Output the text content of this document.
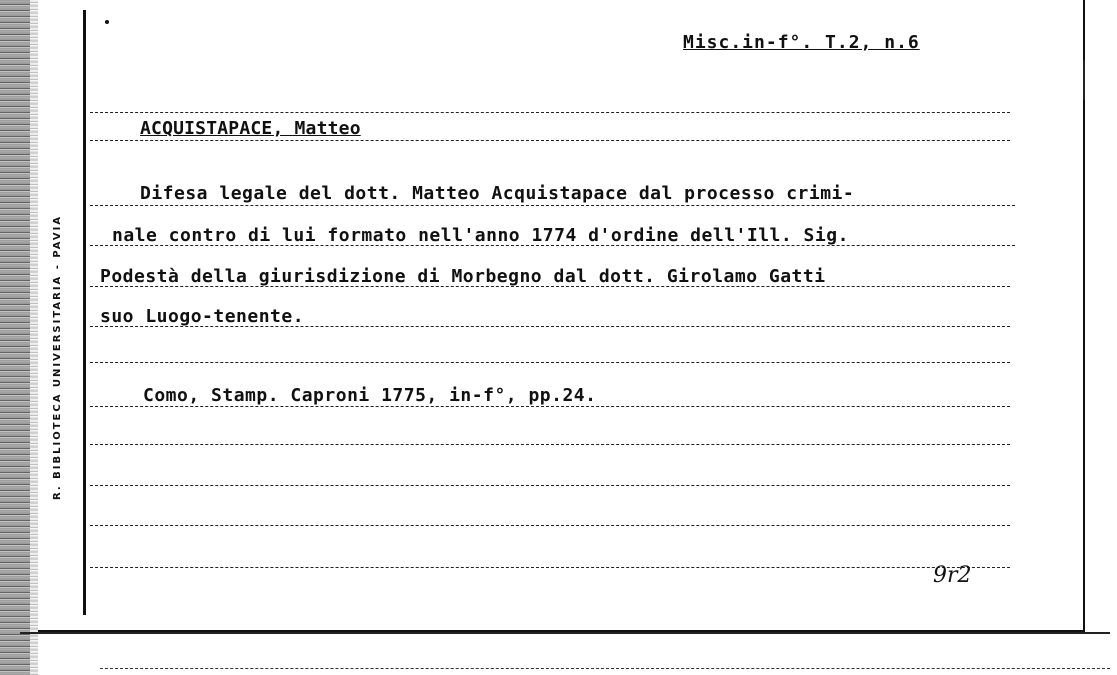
R. BIBLIOTECA UNIVERSITARIA - PAVIA
Misc.in-f°. T.2, n.6
ACQUISTAPACE, Matteo
Difesa legale del dott. Matteo Acquistapace dal processo crimi-
nale contro di lui formato nell'anno 1774 d'ordine dell'Ill. Sig.
Podestà della giurisdizione di Morbegno dal dott. Girolamo Gatti
suo Luogo-tenente.
Como, Stamp. Caproni 1775, in-f°, pp.24.
9r2
